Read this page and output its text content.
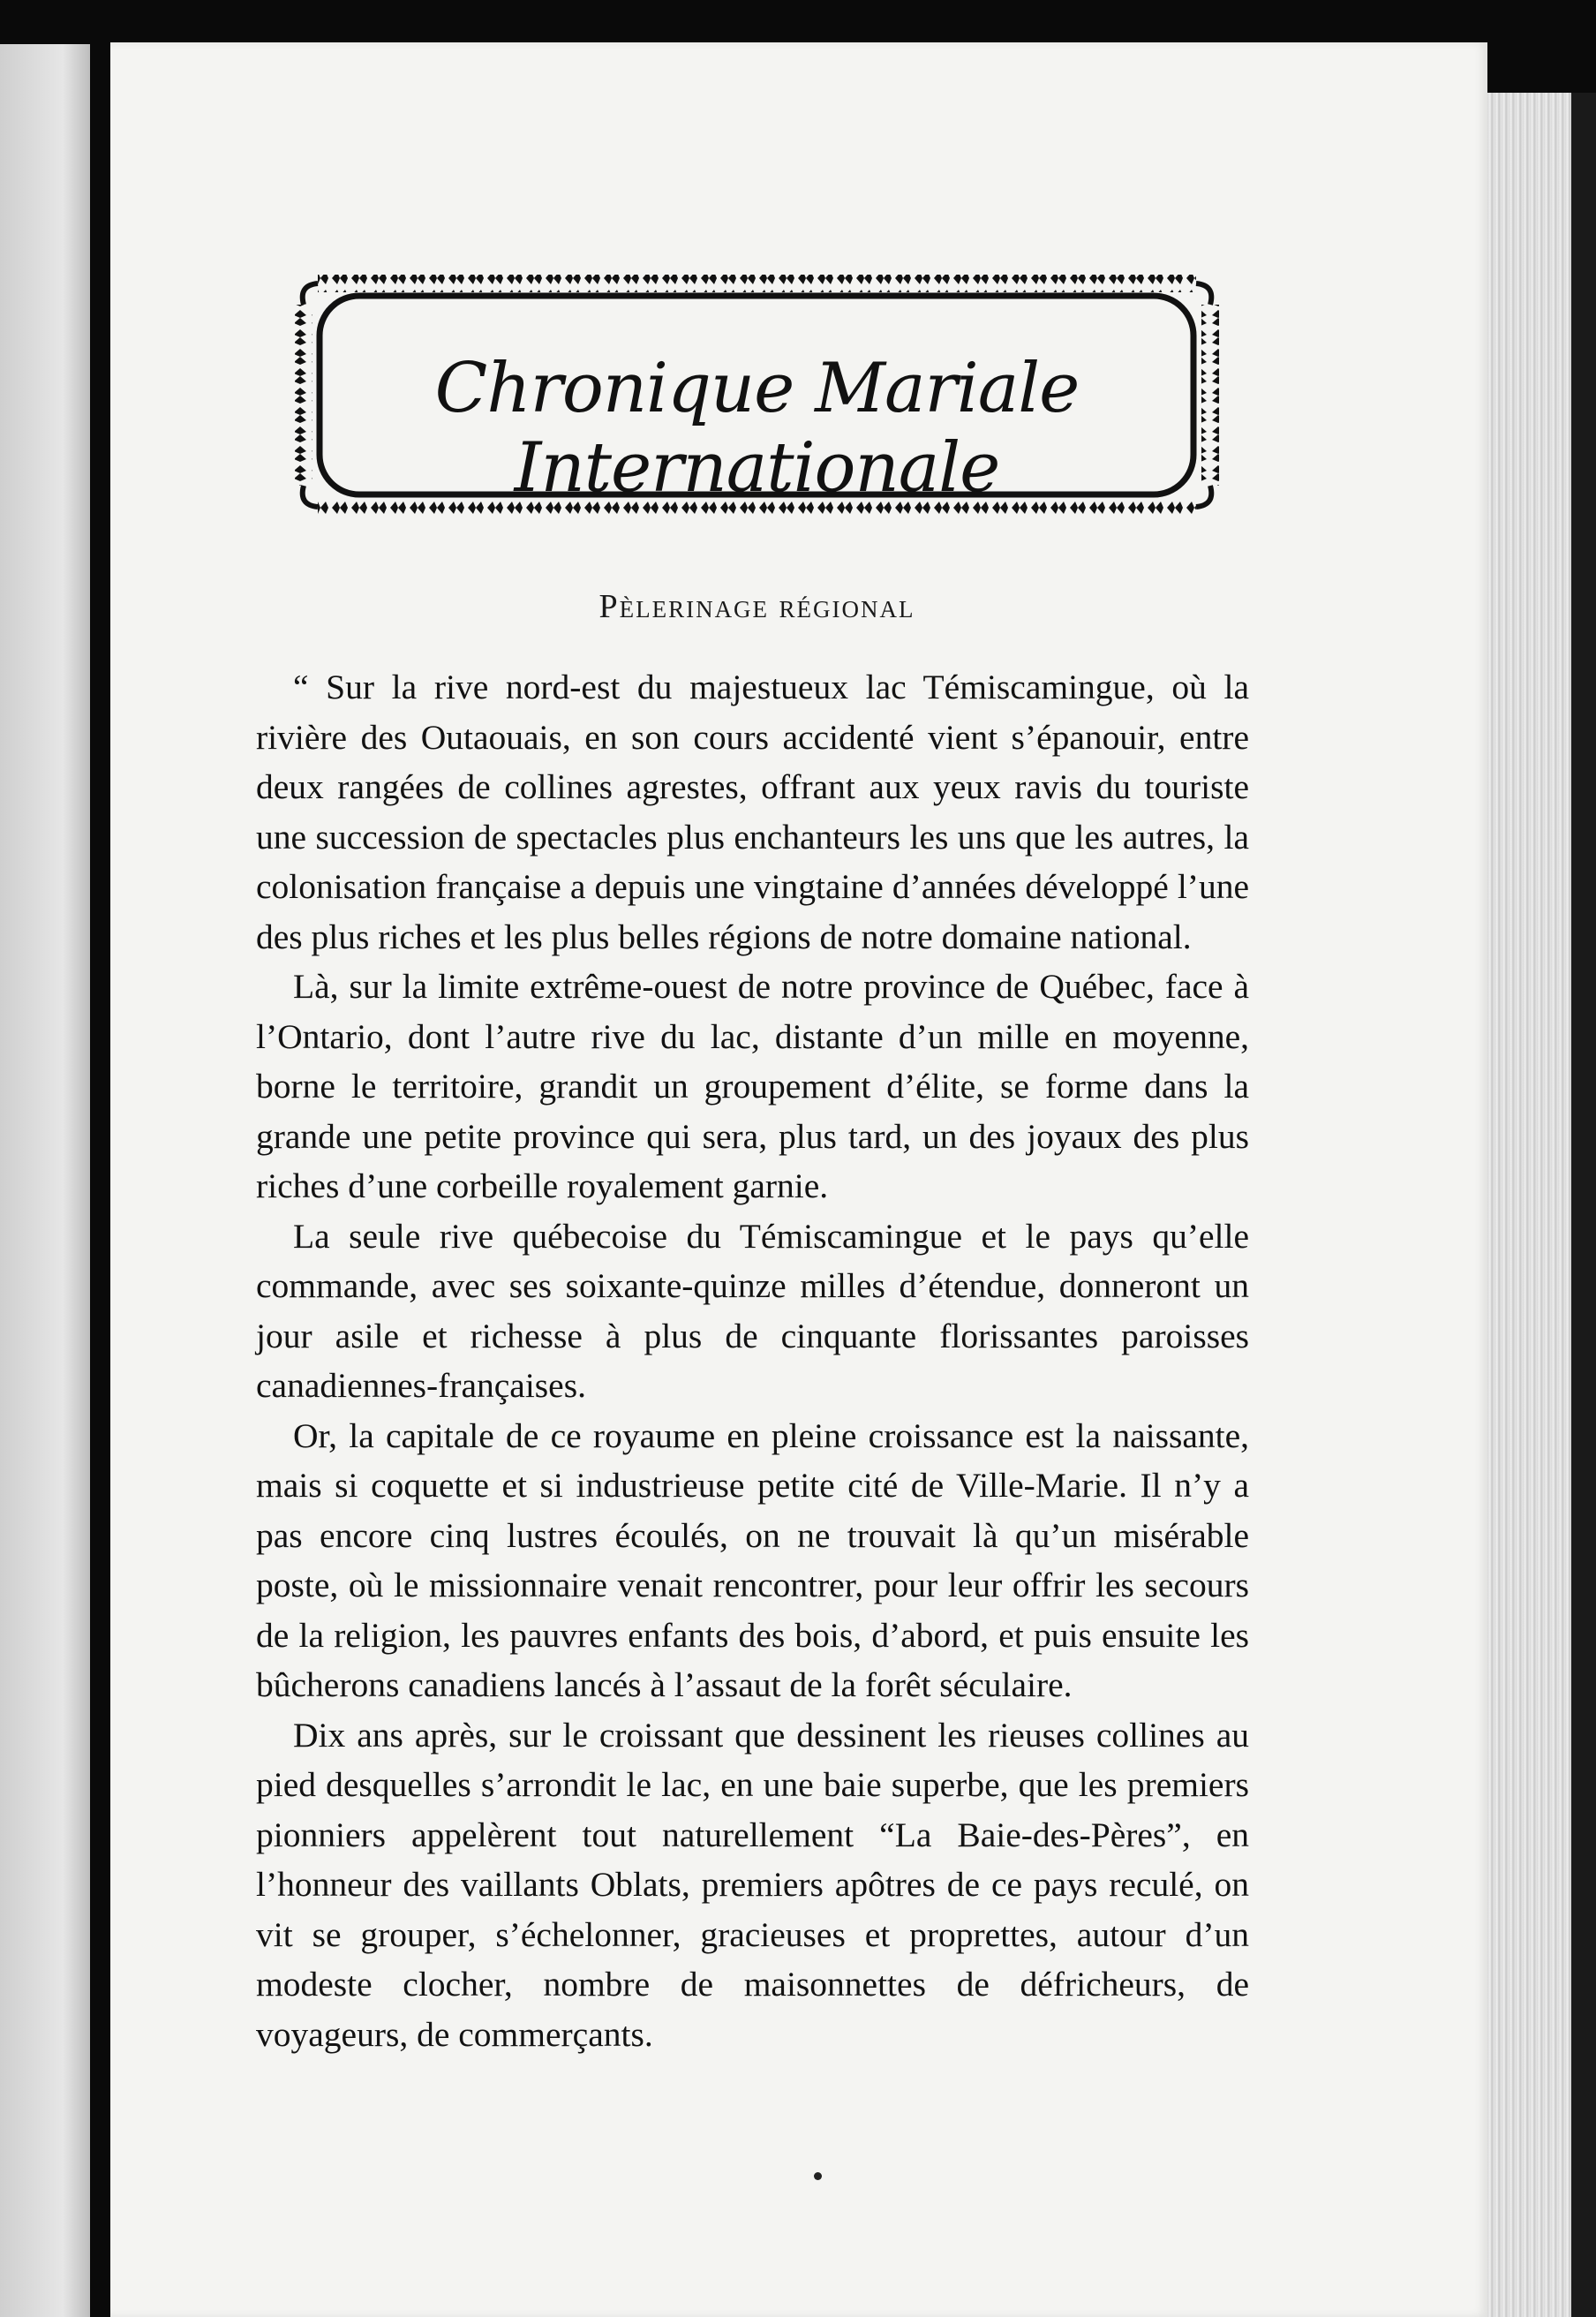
Chronique Mariale Internationale
Pèlerinage régional

“ Sur la rive nord-est du majestueux lac Témiscamingue, où la rivière des Outaouais, en son cours accidenté vient s’épanouir, entre deux rangées de collines agrestes, offrant aux yeux ravis du touriste une succession de spectacles plus enchanteurs les uns que les autres, la colonisation française a depuis une vingtaine d’années développé l’une des plus riches et les plus belles régions de notre domaine national.

Là, sur la limite extrême-ouest de notre province de Québec, face à l’Ontario, dont l’autre rive du lac, distante d’un mille en moyenne, borne le territoire, grandit un groupement d’élite, se forme dans la grande une petite province qui sera, plus tard, un des joyaux des plus riches d’une corbeille royalement garnie.

La seule rive québecoise du Témiscamingue et le pays qu’elle commande, avec ses soixante-quinze milles d’étendue, donneront un jour asile et richesse à plus de cinquante florissantes paroisses canadiennes-françaises.

Or, la capitale de ce royaume en pleine croissance est la naissante, mais si coquette et si industrieuse petite cité de Ville-Marie. Il n’y a pas encore cinq lustres écoulés, on ne trouvait là qu’un misérable poste, où le missionnaire venait rencontrer, pour leur offrir les secours de la religion, les pauvres enfants des bois, d’abord, et puis ensuite les bûcherons canadiens lancés à l’assaut de la forêt séculaire.

Dix ans après, sur le croissant que dessinent les rieuses collines au pied desquelles s’arrondit le lac, en une baie superbe, que les premiers pionniers appelèrent tout naturellement “La Baie-des-Pères”, en l’honneur des vaillants Oblats, premiers apôtres de ce pays reculé, on vit se grouper, s’échelonner, gracieuses et proprettes, autour d’un modeste clocher, nombre de maisonnettes de défricheurs, de voyageurs, de commerçants.
